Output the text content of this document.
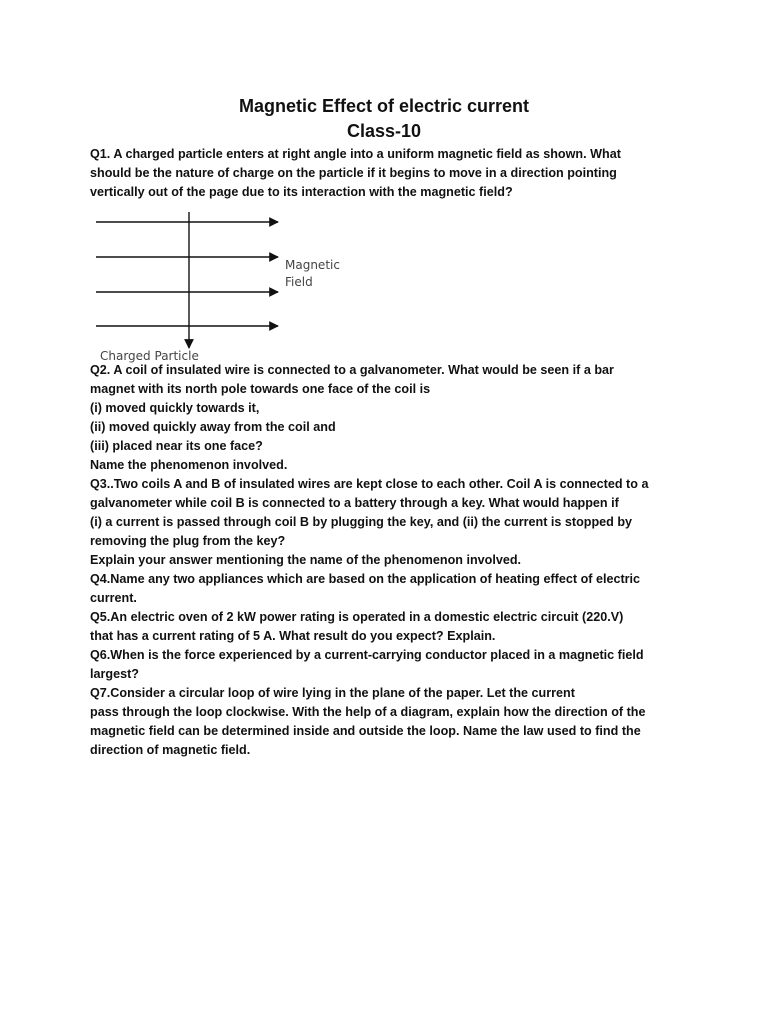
Magnetic Effect of electric current
Class-10
Q1. A charged particle enters at right angle into a uniform magnetic field as shown. What
should be the nature of charge on the particle if it begins to move in a direction pointing
vertically out of the page due to its interaction with the magnetic field?
Magnetic
Field
Charged Particle
Q2. A coil of insulated wire is connected to a galvanometer. What would be seen if a bar
magnet with its north pole towards one face of the coil is
(i) moved quickly towards it,
(ii) moved quickly away from the coil and
(iii) placed near its one face?
Name the phenomenon involved.
Q3..Two coils A and B of insulated wires are kept close to each other. Coil A is connected to a
galvanometer while coil B is connected to a battery through a key. What would happen if
(i) a current is passed through coil B by plugging the key, and (ii) the current is stopped by
removing the plug from the key?
Explain your answer mentioning the name of the phenomenon involved.
Q4.Name any two appliances which are based on the application of heating effect of electric
current.
Q5.An electric oven of 2 kW power rating is operated in a domestic electric circuit (220.V)
that has a current rating of 5 A. What result do you expect? Explain.
Q6.When is the force experienced by a current-carrying conductor placed in a magnetic field
largest?
Q7.Consider a circular loop of wire lying in the plane of the paper. Let the current
pass through the loop clockwise. With the help of a diagram, explain how the direction of the
magnetic field can be determined inside and outside the loop. Name the law used to find the
direction of magnetic field.
